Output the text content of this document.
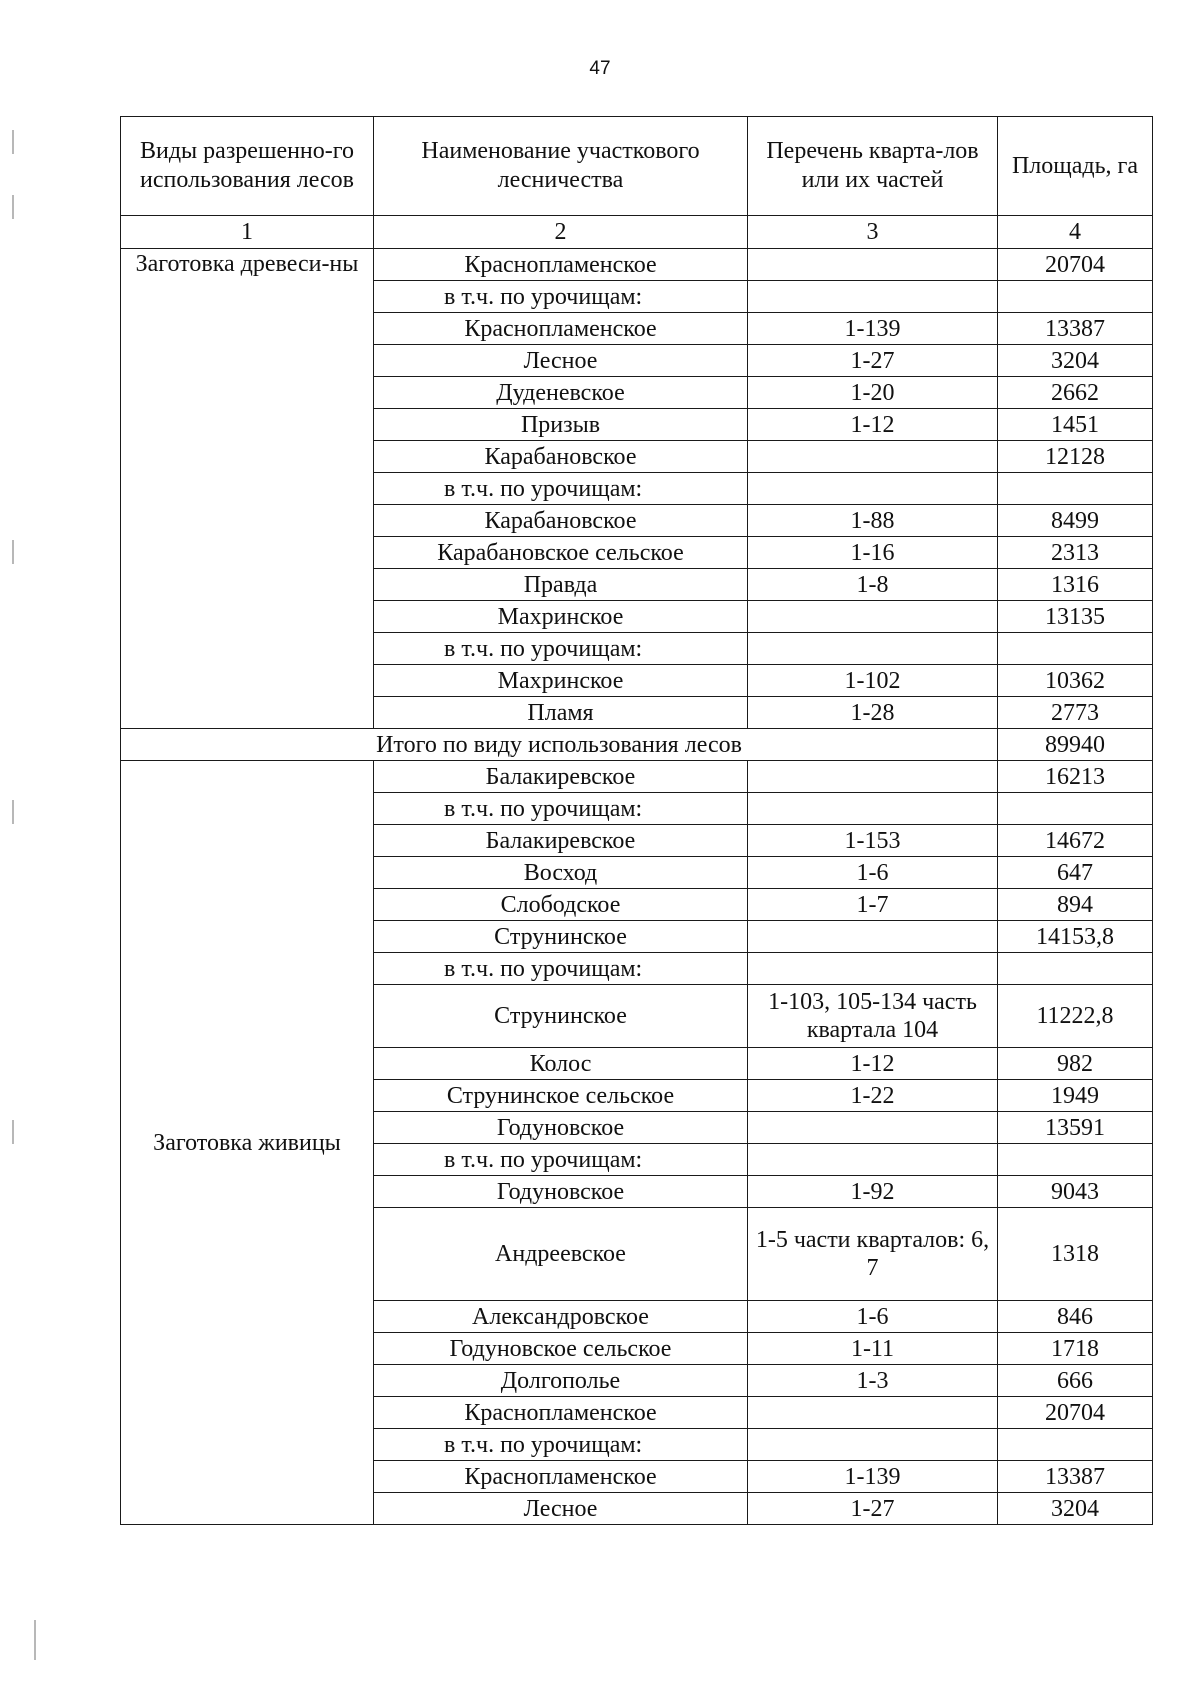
47
Виды разрешенно-го использования лесов	Наименование участкового лесничества	Перечень кварта-лов или их частей	Площадь, га
1	2	3	4
Заготовка древеси-ны	Краснопламенское		20704
	в т.ч. по урочищам:		
	Краснопламенское	1-139	13387
	Лесное	1-27	3204
	Дуденевское	1-20	2662
	Призыв	1-12	1451
	Карабановское		12128
	в т.ч. по урочищам:		
	Карабановское	1-88	8499
	Карабановское сельское	1-16	2313
	Правда	1-8	1316
	Махринское		13135
	в т.ч. по урочищам:		
	Махринское	1-102	10362
	Пламя	1-28	2773
Итого по виду использования лесов			89940
Заготовка живицы	Балакиревское		16213
	в т.ч. по урочищам:		
	Балакиревское	1-153	14672
	Восход	1-6	647
	Слободское	1-7	894
	Струнинское		14153,8
	в т.ч. по урочищам:		
	Струнинское	1-103, 105-134 часть квартала 104	11222,8
	Колос	1-12	982
	Струнинское сельское	1-22	1949
	Годуновское		13591
	в т.ч. по урочищам:		
	Годуновское	1-92	9043
	Андреевское	1-5 части кварталов: 6, 7	1318
	Александровское	1-6	846
	Годуновское сельское	1-11	1718
	Долгополье	1-3	666
	Краснопламенское		20704
	в т.ч. по урочищам:		
	Краснопламенское	1-139	13387
	Лесное	1-27	3204
